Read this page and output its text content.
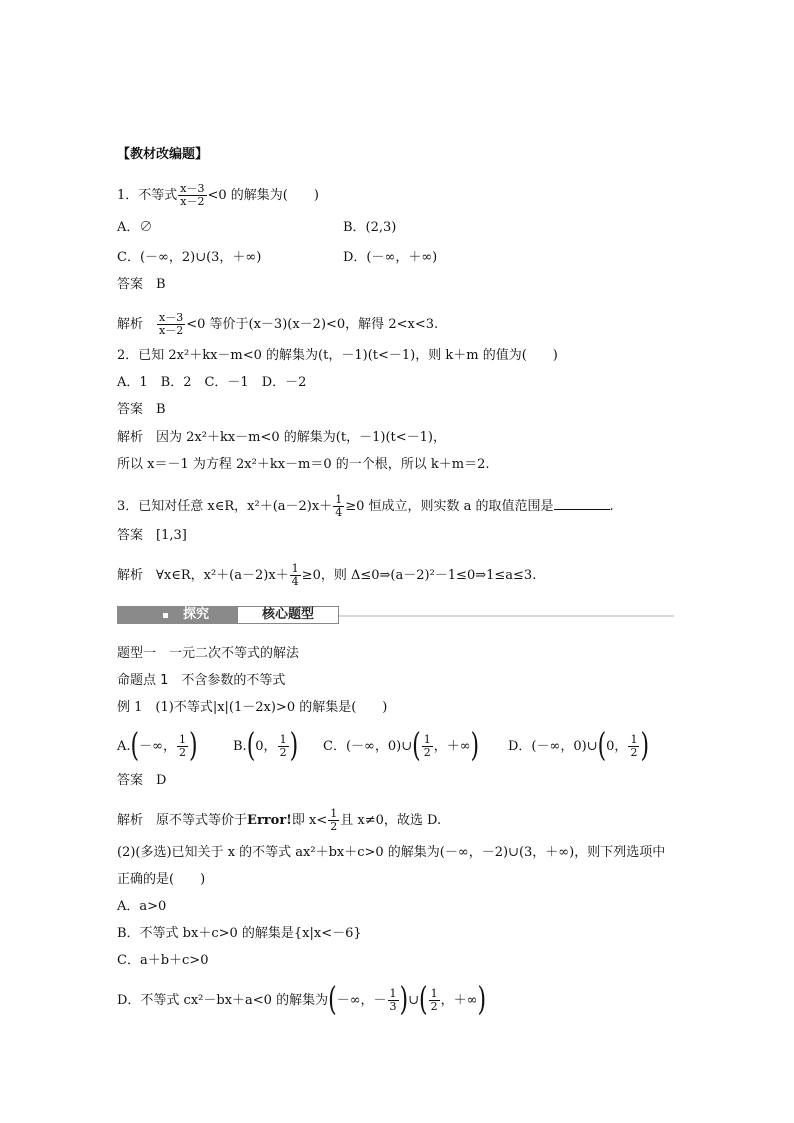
【教材改编题】
1．不等式 $\frac{x-3}{x-2} <0$ 的解集为(　　)
A．∅	B．(2,3)
C．(－∞，2)∪(3，＋∞)	D．(－∞，＋∞)
答案　 B
解析　 $\frac{x-3}{x-2} <0$ 等价于(x－3)(x－2)<0，解得 2<x<3.
2．已知 2x²＋kx－m<0 的解集为(t，－1)(t<－1)，则 k＋m 的值为(　　)
A．1　B．2　C．－1　D．－2
答案　 B
解析　 因为 2x²＋kx－m<0 的解集为(t，－1)(t<－1)，
所以 x＝－1 为方程 2x²＋kx－m＝0 的一个根，所以 k＋m＝2.
3．已知对任意 x∈R，$x^2+(a-2)x+ \frac{1}{4} \ge 0$ 恒成立，则实数 a 的取值范围是	.
答案　 [1,3]
解析　 ∀x∈R，$x^2+(a-2)x+ \frac{1}{4} \ge 0$，则 Δ≤0⇒(a－2)²－1≤0⇒1≤a≤3.
探究	核心题型
题型一　一元二次不等式的解法
命题点 1　不含参数的不等式
例 1　(1)不等式|x|(1－2x)>0 的解集是(　　)
A.(－∞， $\frac{1}{2}$ )	B.(0， $\frac{1}{2}$ ) C．(－∞，0)∪( $\frac{1}{2}$ ，＋∞) D．(－∞，0)∪(0， $\frac{1}{2}$ )
答案　 D
解析　 原不等式等价于Error!即 $x< \frac{1}{2}$ 且 x≠0，故选 D.
(2)(多选)已知关于 x 的不等式 ax²＋bx＋c>0 的解集为(－∞，－2)∪(3，＋∞)，则下列选项中
正确的是(　　)
A．a>0
B．不等式 bx＋c>0 的解集是{x|x<－6}
C．a＋b＋c>0
D．不等式 cx²－bx＋a<0 的解集为(－∞，－ $\frac{1}{3}$ )∪( $\frac{1}{2}$ ，＋∞)
